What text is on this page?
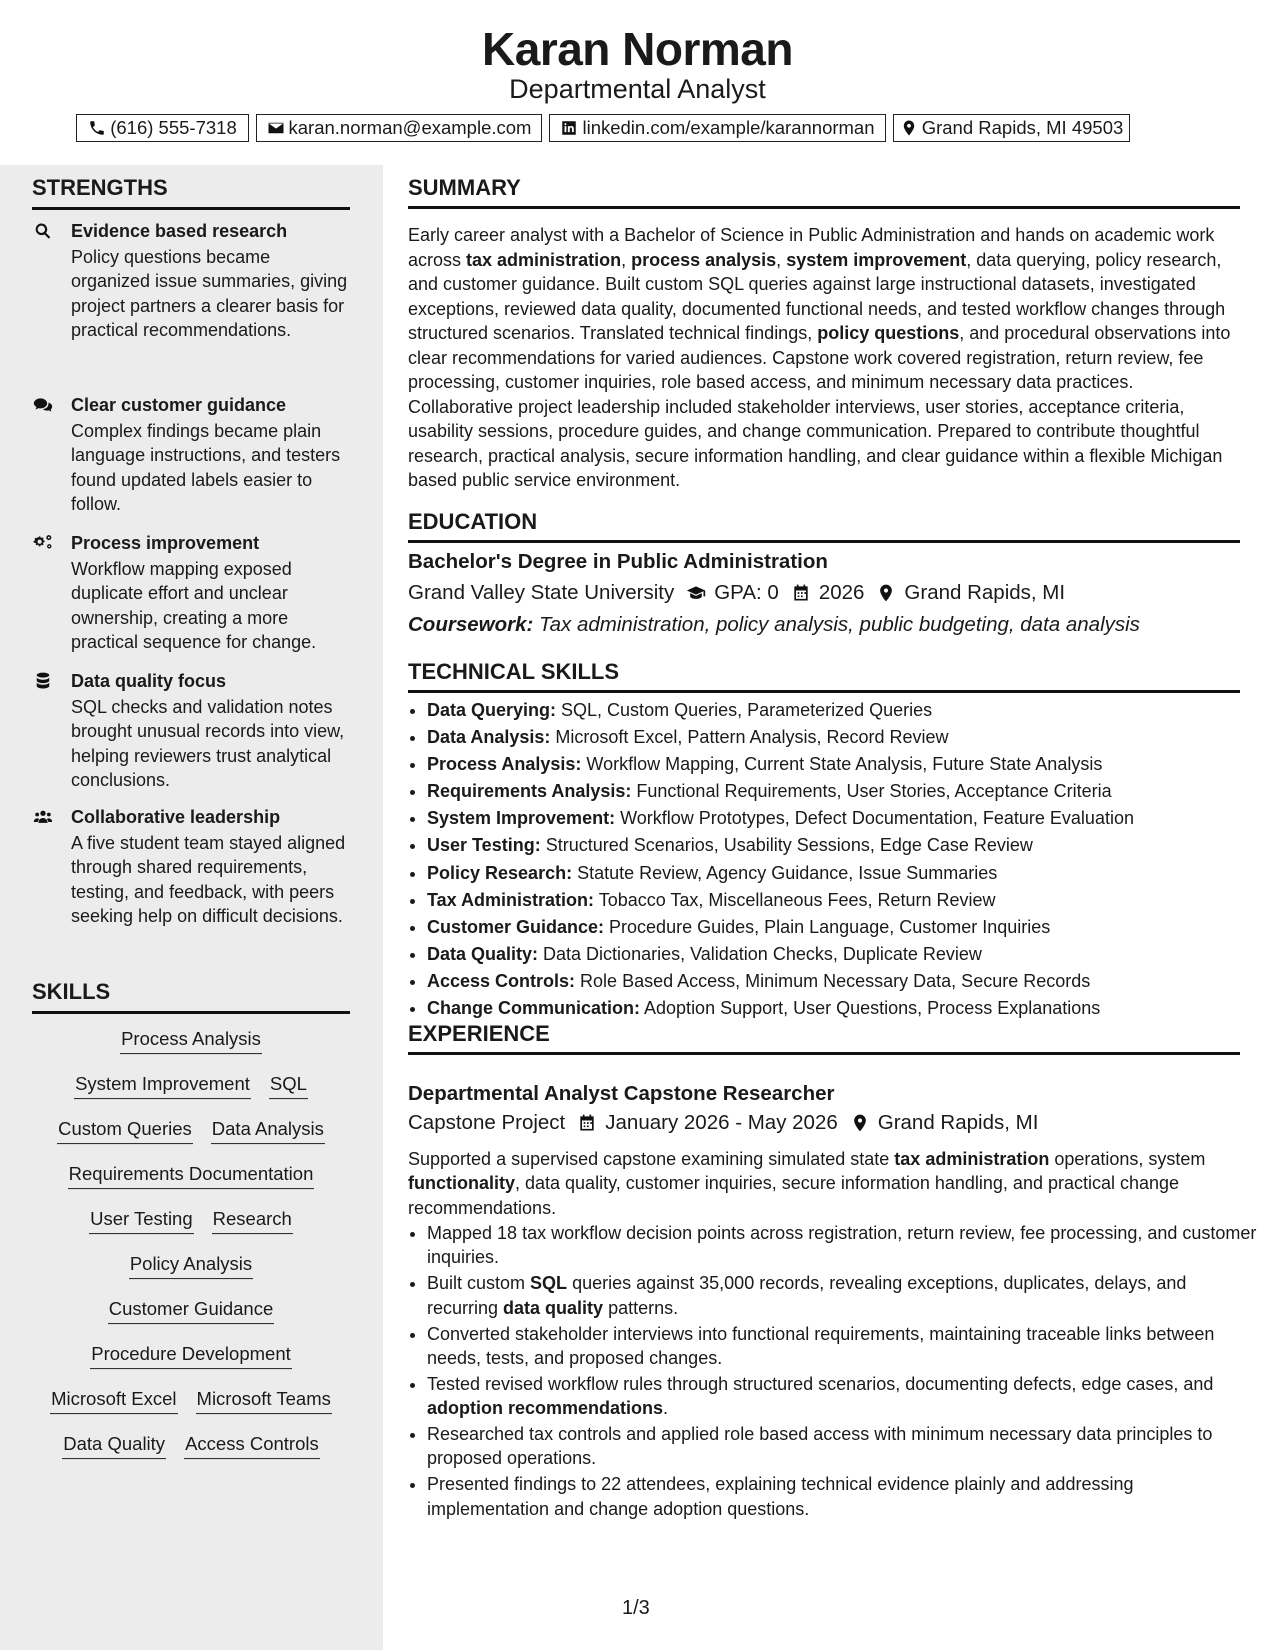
Karan Norman
Departmental Analyst
(616) 555-7318	karan.norman@example.com	linkedin.com/example/karannorman	Grand Rapids, MI 49503
STRENGTHS
Evidence based research
Policy questions became organized issue summaries, giving project partners a clearer basis for practical recommendations.
Clear customer guidance
Complex findings became plain language instructions, and testers found updated labels easier to follow.
Process improvement
Workflow mapping exposed duplicate effort and unclear ownership, creating a more practical sequence for change.
Data quality focus
SQL checks and validation notes brought unusual records into view, helping reviewers trust analytical conclusions.
Collaborative leadership
A five student team stayed aligned through shared requirements, testing, and feedback, with peers seeking help on difficult decisions.
SKILLS
Process Analysis
System Improvement SQL
Custom Queries Data Analysis
Requirements Documentation
User Testing Research
Policy Analysis
Customer Guidance
Procedure Development
Microsoft Excel Microsoft Teams
Data Quality Access Controls
SUMMARY

Early career analyst with a Bachelor of Science in Public Administration and hands on academic work across tax administration, process analysis, system improvement, data querying, policy research, and customer guidance. Built custom SQL queries against large instructional datasets, investigated exceptions, reviewed data quality, documented functional needs, and tested workflow changes through structured scenarios. Translated technical findings, policy questions, and procedural observations into clear recommendations for varied audiences. Capstone work covered registration, return review, fee processing, customer inquiries, role based access, and minimum necessary data practices. Collaborative project leadership included stakeholder interviews, user stories, acceptance criteria, usability sessions, procedure guides, and change communication. Prepared to contribute thoughtful research, practical analysis, secure information handling, and clear guidance within a flexible Michigan based public service environment.

EDUCATION

Bachelor's Degree in Public Administration

Grand Valley State University GPA: 0 2026 Grand Rapids, MI

Coursework: Tax administration, policy analysis, public budgeting, data analysis

TECHNICAL SKILLS
• Data Querying: SQL, Custom Queries, Parameterized Queries
• Data Analysis: Microsoft Excel, Pattern Analysis, Record Review
• Process Analysis: Workflow Mapping, Current State Analysis, Future State Analysis
• Requirements Analysis: Functional Requirements, User Stories, Acceptance Criteria
• System Improvement: Workflow Prototypes, Defect Documentation, Feature Evaluation
• User Testing: Structured Scenarios, Usability Sessions, Edge Case Review
• Policy Research: Statute Review, Agency Guidance, Issue Summaries
• Tax Administration: Tobacco Tax, Miscellaneous Fees, Return Review
• Customer Guidance: Procedure Guides, Plain Language, Customer Inquiries
• Data Quality: Data Dictionaries, Validation Checks, Duplicate Review
• Access Controls: Role Based Access, Minimum Necessary Data, Secure Records
• Change Communication: Adoption Support, User Questions, Process Explanations
EXPERIENCE

Departmental Analyst Capstone Researcher

Capstone Project January 2026 - May 2026 Grand Rapids, MI

Supported a supervised capstone examining simulated state tax administration operations, system functionality, data quality, customer inquiries, secure information handling, and practical change recommendations.

• Mapped 18 tax workflow decision points across registration, return review, fee processing, and customer inquiries.
• Built custom SQL queries against 35,000 records, revealing exceptions, duplicates, delays, and recurring data quality patterns.
• Converted stakeholder interviews into functional requirements, maintaining traceable links between needs, tests, and proposed changes.
• Tested revised workflow rules through structured scenarios, documenting defects, edge cases, and adoption recommendations.
• Researched tax controls and applied role based access with minimum necessary data principles to proposed operations.
• Presented findings to 22 attendees, explaining technical evidence plainly and addressing implementation and change adoption questions.
1/3
